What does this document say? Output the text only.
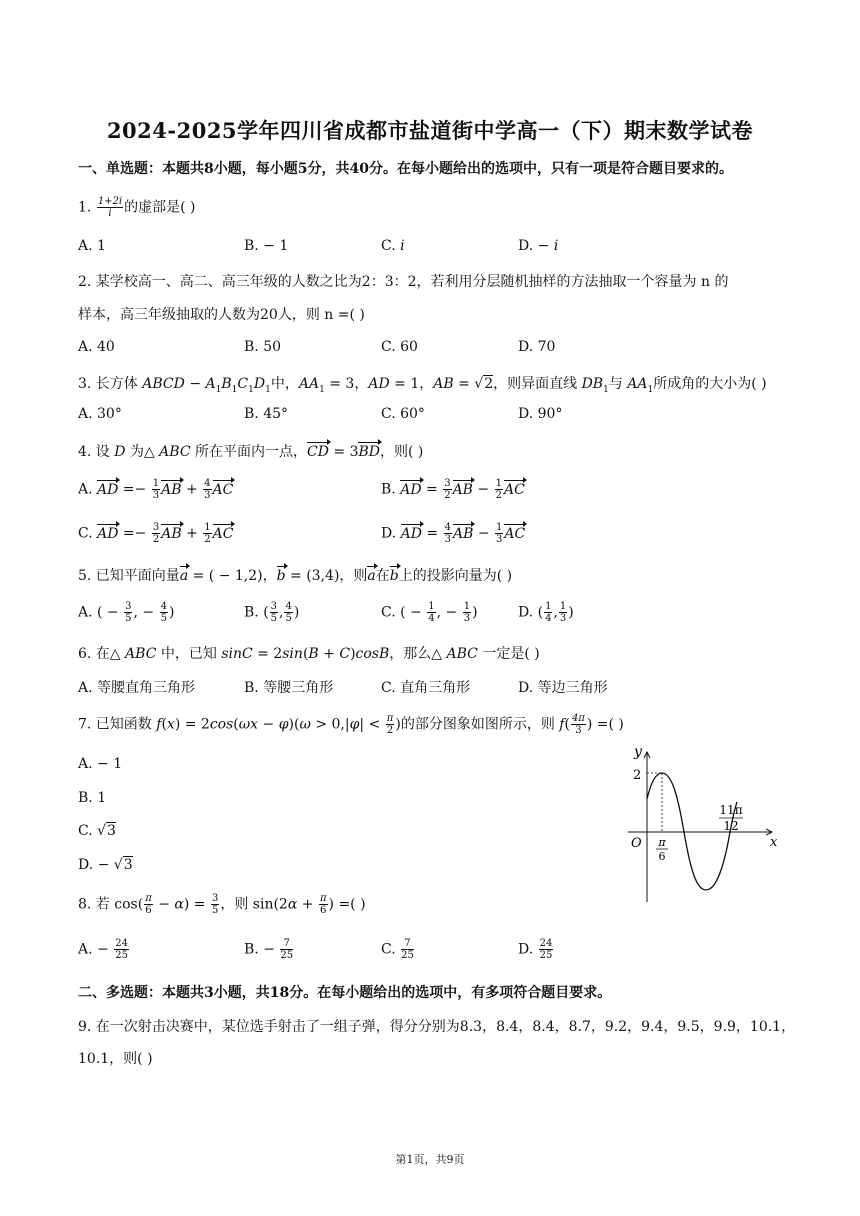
2024-2025学年四川省成都市盐道街中学高一（下）期末数学试卷
一、单选题：本题共8小题，每小题5分，共40分。在每小题给出的选项中，只有一项是符合题目要求的。
1. $\frac{1+2i}{i}$ 的虚部是( )
A. 1	B. − 1	C. i	D. − i
2. 某学校高一、高二、高三年级的人数之比为2：3：2，若利用分层随机抽样的方法抽取一个容量为 n 的
样本，高三年级抽取的人数为20人，则 n =( )
A. 40	B. 50	C. 60	D. 70
3. 长方体 ABCD − $A_1B_1C_1D_1$中，$AA_1 = 3$，AD = 1，AB = √2，则异面直线 $DB_1$与 $AA_1$所成角的大小为( )
A. 30°	B. 45°	C. 60°	D. 90°
4. 设 D 为△ ABC 所在平面内一点，CD = 3BD，则( )
A. AD =− $\frac{1}{3}$ AB + $\frac{4}{3}$ AC	B. AD = $\frac{3}{2}$ AB − $\frac{1}{2}$ AC
C. AD =− $\frac{3}{2}$ AB + $\frac{1}{2}$ AC	D. AD = $\frac{4}{3}$ AB − $\frac{1}{3}$ AC
5. 已知平面向量a = ( − 1,2)，b = (3,4)，则a在b上的投影向量为( )
A. ( − $\frac{3}{5}$ , − $\frac{4}{5}$ )	B. ( $\frac{3}{5}$ , $\frac{4}{5}$ )	C. ( − $\frac{1}{4}$ , − $\frac{1}{3}$ )	D. ( $\frac{1}{4}$ , $\frac{1}{3}$ )
6. 在△ ABC 中，已知 sinC = 2sin(B + C)cosB，那么△ ABC 一定是( )
A. 等腰直角三角形	B. 等腰三角形	C. 直角三角形	D. 等边三角形
7. 已知函数 $f(x) = 2\cos(\omega x - \varphi)(\omega > 0,|\varphi| < \frac{\pi}{2}$ )的部分图象如图所示，则 $f( \frac{4\pi}{3}$ ) =( )
A. − 1
B. 1
C. √3
D. − √3
y
x
O
2
π
6
11π
12
8. 若 $\cos( \frac{\pi}{6} - \alpha) = \frac{3}{5}$ ，则 $\sin(2\alpha + \frac{\pi}{6}$ ) =( )
A. − $\frac{24}{25}$	B. − $\frac{7}{25}$	C. $\frac{7}{25}$	D. $\frac{24}{25}$
二、多选题：本题共3小题，共18分。在每小题给出的选项中，有多项符合题目要求。
9. 在一次射击决赛中，某位选手射击了一组子弹，得分分别为8.3，8.4，8.4，8.7，9.2，9.4，9.5，9.9，10.1，
10.1，则( )
第1页，共9页
